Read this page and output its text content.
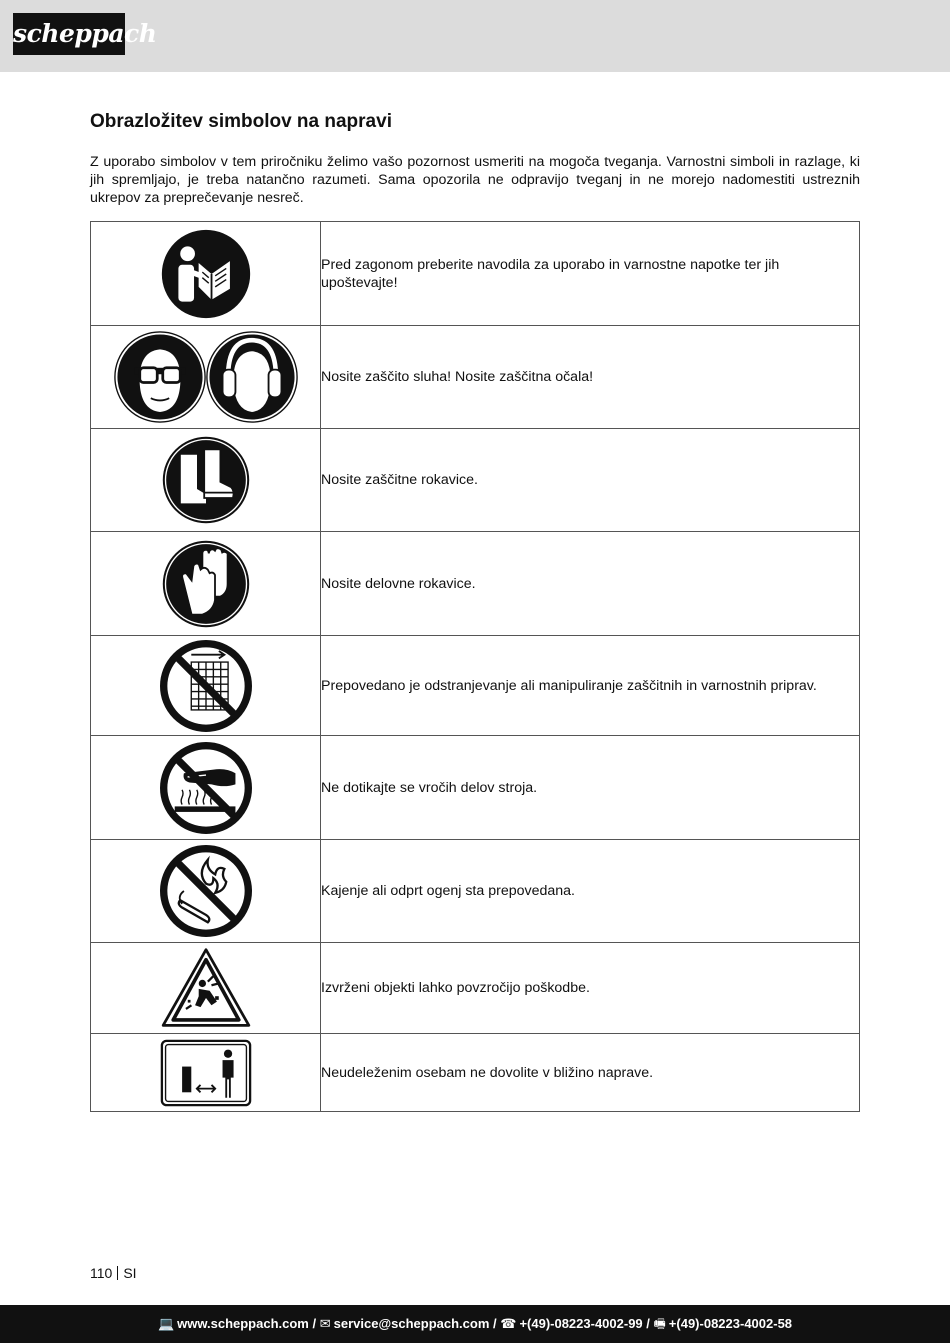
scheppach
Obrazložitev simbolov na napravi

Z uporabo simbolov v tem priročniku želimo vašo pozornost usmeriti na mogoča tveganja. Varnostni simboli in razlage, ki jih spremljajo, je treba natančno razumeti. Sama opozorila ne odpravijo tveganj in ne morejo nadomestiti ustreznih ukrepov za preprečevanje nesreč.

	Pred zagonom preberite navodila za uporabo in varnostne napotke ter jih upoštevajte!

	Nosite zaščito sluha! Nosite zaščitna očala!

	Nosite zaščitne rokavice.

	Nosite delovne rokavice.

	Prepovedano je odstranjevanje ali manipuliranje zaščitnih in varnostnih priprav.

	Ne dotikajte se vročih delov stroja.

	Kajenje ali odprt ogenj sta prepovedana.

	Izvrženi objekti lahko povzročijo poškodbe.

	Neudeleženim osebam ne dovolite v bližino naprave.
110 SI
💻 www.scheppach.com / ✉ service@scheppach.com / ☎ +(49)-08223-4002-99 / 🖷 +(49)-08223-4002-58
